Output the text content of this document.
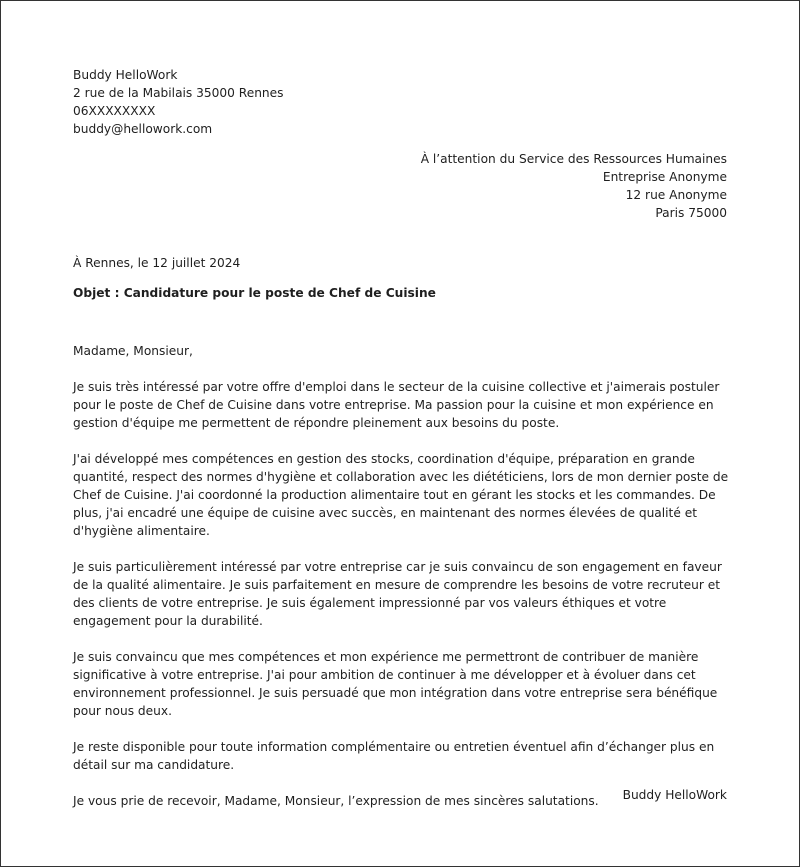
Buddy HelloWork
2 rue de la Mabilais 35000 Rennes
06XXXXXXXX
buddy@hellowork.com
À l’attention du Service des Ressources Humaines
Entreprise Anonyme
12 rue Anonyme
Paris 75000
À Rennes, le 12 juillet 2024
Objet : Candidature pour le poste de Chef de Cuisine

Madame, Monsieur,

Je suis très intéressé par votre offre d'emploi dans le secteur de la cuisine collective et j'aimerais postuler pour le poste de Chef de Cuisine dans votre entreprise. Ma passion pour la cuisine et mon expérience en gestion d'équipe me permettent de répondre pleinement aux besoins du poste.

J'ai développé mes compétences en gestion des stocks, coordination d'équipe, préparation en grande quantité, respect des normes d'hygiène et collaboration avec les diététiciens, lors de mon dernier poste de Chef de Cuisine. J'ai coordonné la production alimentaire tout en gérant les stocks et les commandes. De plus, j'ai encadré une équipe de cuisine avec succès, en maintenant des normes élevées de qualité et d'hygiène alimentaire.

Je suis particulièrement intéressé par votre entreprise car je suis convaincu de son engagement en faveur de la qualité alimentaire. Je suis parfaitement en mesure de comprendre les besoins de votre recruteur et des clients de votre entreprise. Je suis également impressionné par vos valeurs éthiques et votre engagement pour la durabilité.

Je suis convaincu que mes compétences et mon expérience me permettront de contribuer de manière significative à votre entreprise. J'ai pour ambition de continuer à me développer et à évoluer dans cet environnement professionnel. Je suis persuadé que mon intégration dans votre entreprise sera bénéfique pour nous deux.

Je reste disponible pour toute information complémentaire ou entretien éventuel afin d’échanger plus en détail sur ma candidature.

Je vous prie de recevoir, Madame, Monsieur, l’expression de mes sincères salutations.	Buddy HelloWork
